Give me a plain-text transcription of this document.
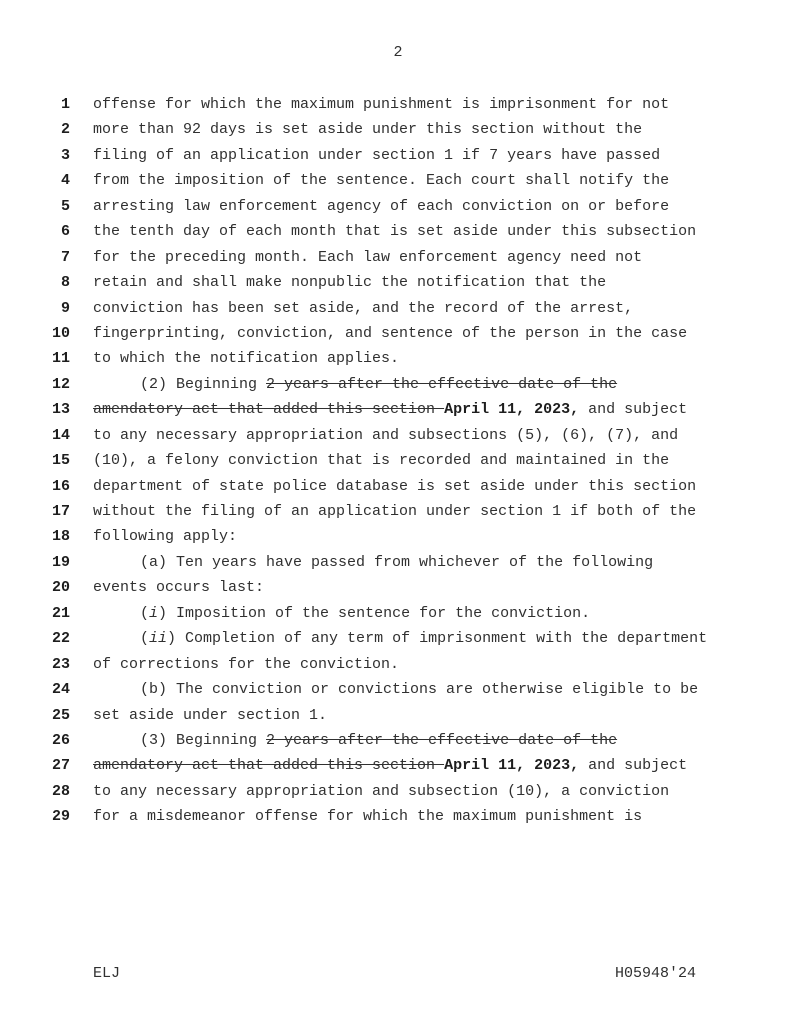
2
1 offense for which the maximum punishment is imprisonment for not
2 more than 92 days is set aside under this section without the
3 filing of an application under section 1 if 7 years have passed
4 from the imposition of the sentence. Each court shall notify the
5 arresting law enforcement agency of each conviction on or before
6 the tenth day of each month that is set aside under this subsection
7 for the preceding month. Each law enforcement agency need not
8 retain and shall make nonpublic the notification that the
9 conviction has been set aside, and the record of the arrest,
10 fingerprinting, conviction, and sentence of the person in the case
11 to which the notification applies.
12	(2) Beginning 2 years after the effective date of the
13 amendatory act that added this section April 11, 2023, and subject
14 to any necessary appropriation and subsections (5), (6), (7), and
15 (10), a felony conviction that is recorded and maintained in the
16 department of state police database is set aside under this section
17 without the filing of an application under section 1 if both of the
18 following apply:
19	(a) Ten years have passed from whichever of the following
20 events occurs last:
21	(i) Imposition of the sentence for the conviction.
22	(ii) Completion of any term of imprisonment with the department
23 of corrections for the conviction.
24	(b) The conviction or convictions are otherwise eligible to be
25 set aside under section 1.
26	(3) Beginning 2 years after the effective date of the
27 amendatory act that added this section April 11, 2023, and subject
28 to any necessary appropriation and subsection (10), a conviction
29 for a misdemeanor offense for which the maximum punishment is
ELJ	H05948'24
